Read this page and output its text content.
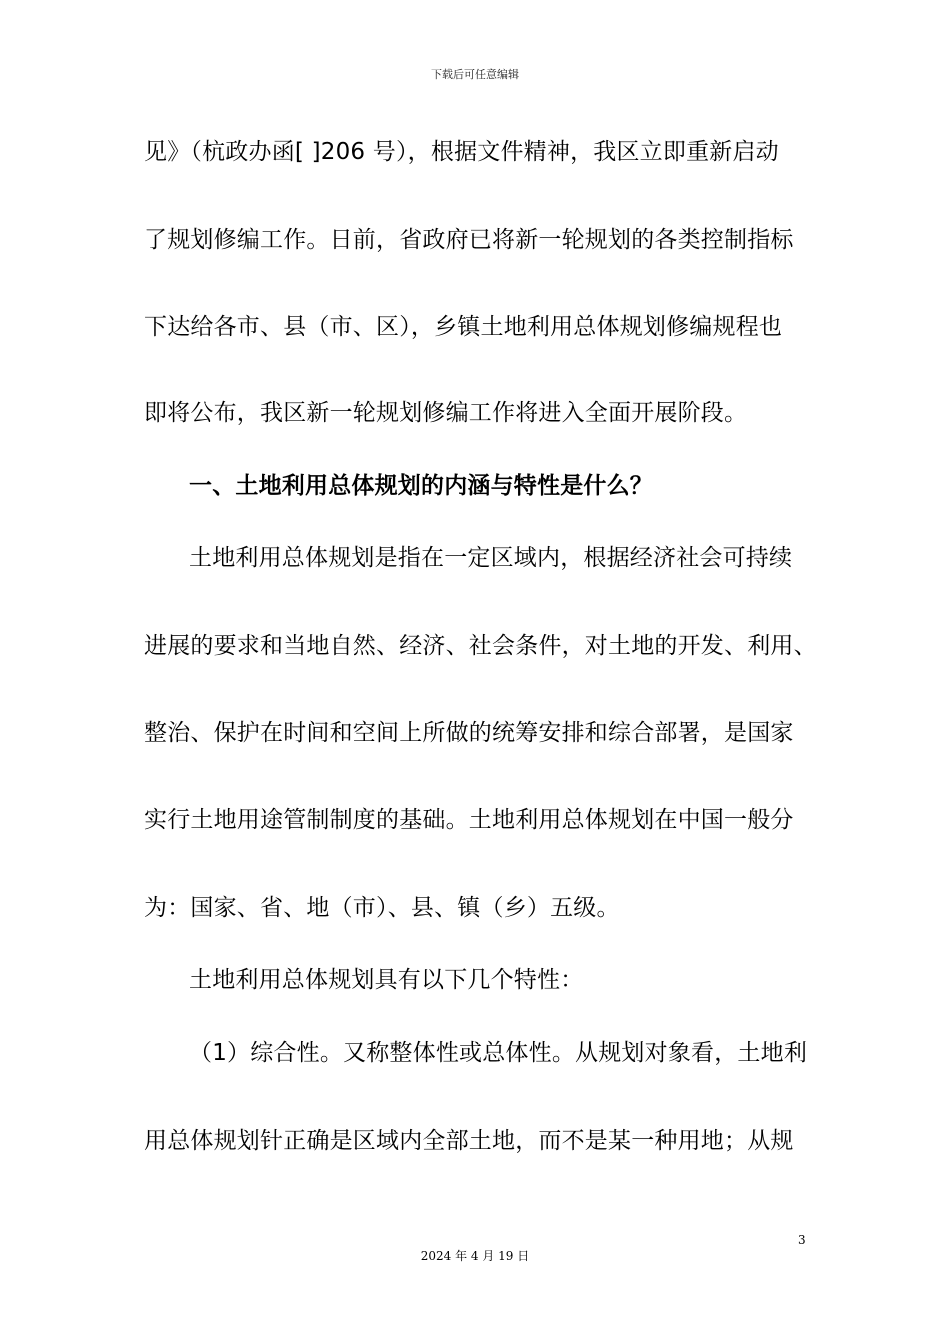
下载后可任意编辑
见》（杭政办函[ ]206 号），根据文件精神，我区立即重新启动
了规划修编工作。日前，省政府已将新一轮规划的各类控制指标
下达给各市、县（市、区），乡镇土地利用总体规划修编规程也
即将公布，我区新一轮规划修编工作将进入全面开展阶段。
一、土地利用总体规划的内涵与特性是什么？
土地利用总体规划是指在一定区域内，根据经济社会可持续
进展的要求和当地自然、经济、社会条件，对土地的开发、利用、
整治、保护在时间和空间上所做的统筹安排和综合部署，是国家
实行土地用途管制制度的基础。土地利用总体规划在中国一般分
为：国家、省、地（市）、县、镇（乡）五级。
土地利用总体规划具有以下几个特性：
（1）综合性。又称整体性或总体性。从规划对象看，土地利
用总体规划针正确是区域内全部土地，而不是某一种用地；从规
3
2024 年 4 月 19 日
